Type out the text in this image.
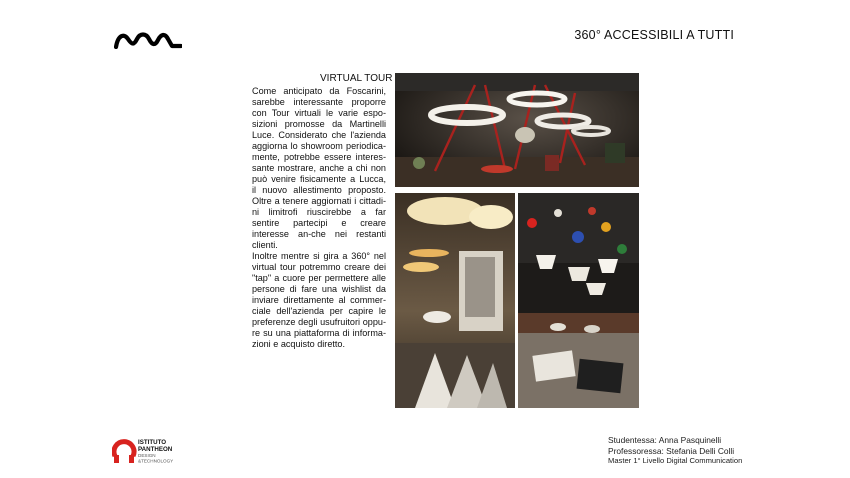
360° ACCESSIBILI A TUTTI
VIRTUAL TOUR

Come anticipato da Foscarini, sarebbe interessante proporre con Tour virtuali le varie espo-sizioni promosse da Martinelli Luce. Considerato che l'azienda aggiorna lo showroom periodica-mente, potrebbe essere interes-sante mostrare, anche a chi non può venire fisicamente a Lucca, il nuovo allestimento proposto. Oltre a tenere aggiornati i cittadi-ni limitrofi riuscirebbe a far sentire partecipi e creare interesse an-che nei restanti clienti.

Inoltre mentre si gira a 360° nel virtual tour potremmo creare dei "tap" a cuore per permettere alle persone di fare una wishlist da inviare direttamente al commer-ciale dell'azienda per capire le preferenze degli usufruitori oppu-re su una piattaforma di informa-zioni e acquisto diretto.

ISTITUTO
PANTHEON
DESIGN
&TECHNOLOGY
Studentessa: Anna Pasquinelli
Professoressa: Stefania Delli Colli
Master 1° Livello Digital Communication
